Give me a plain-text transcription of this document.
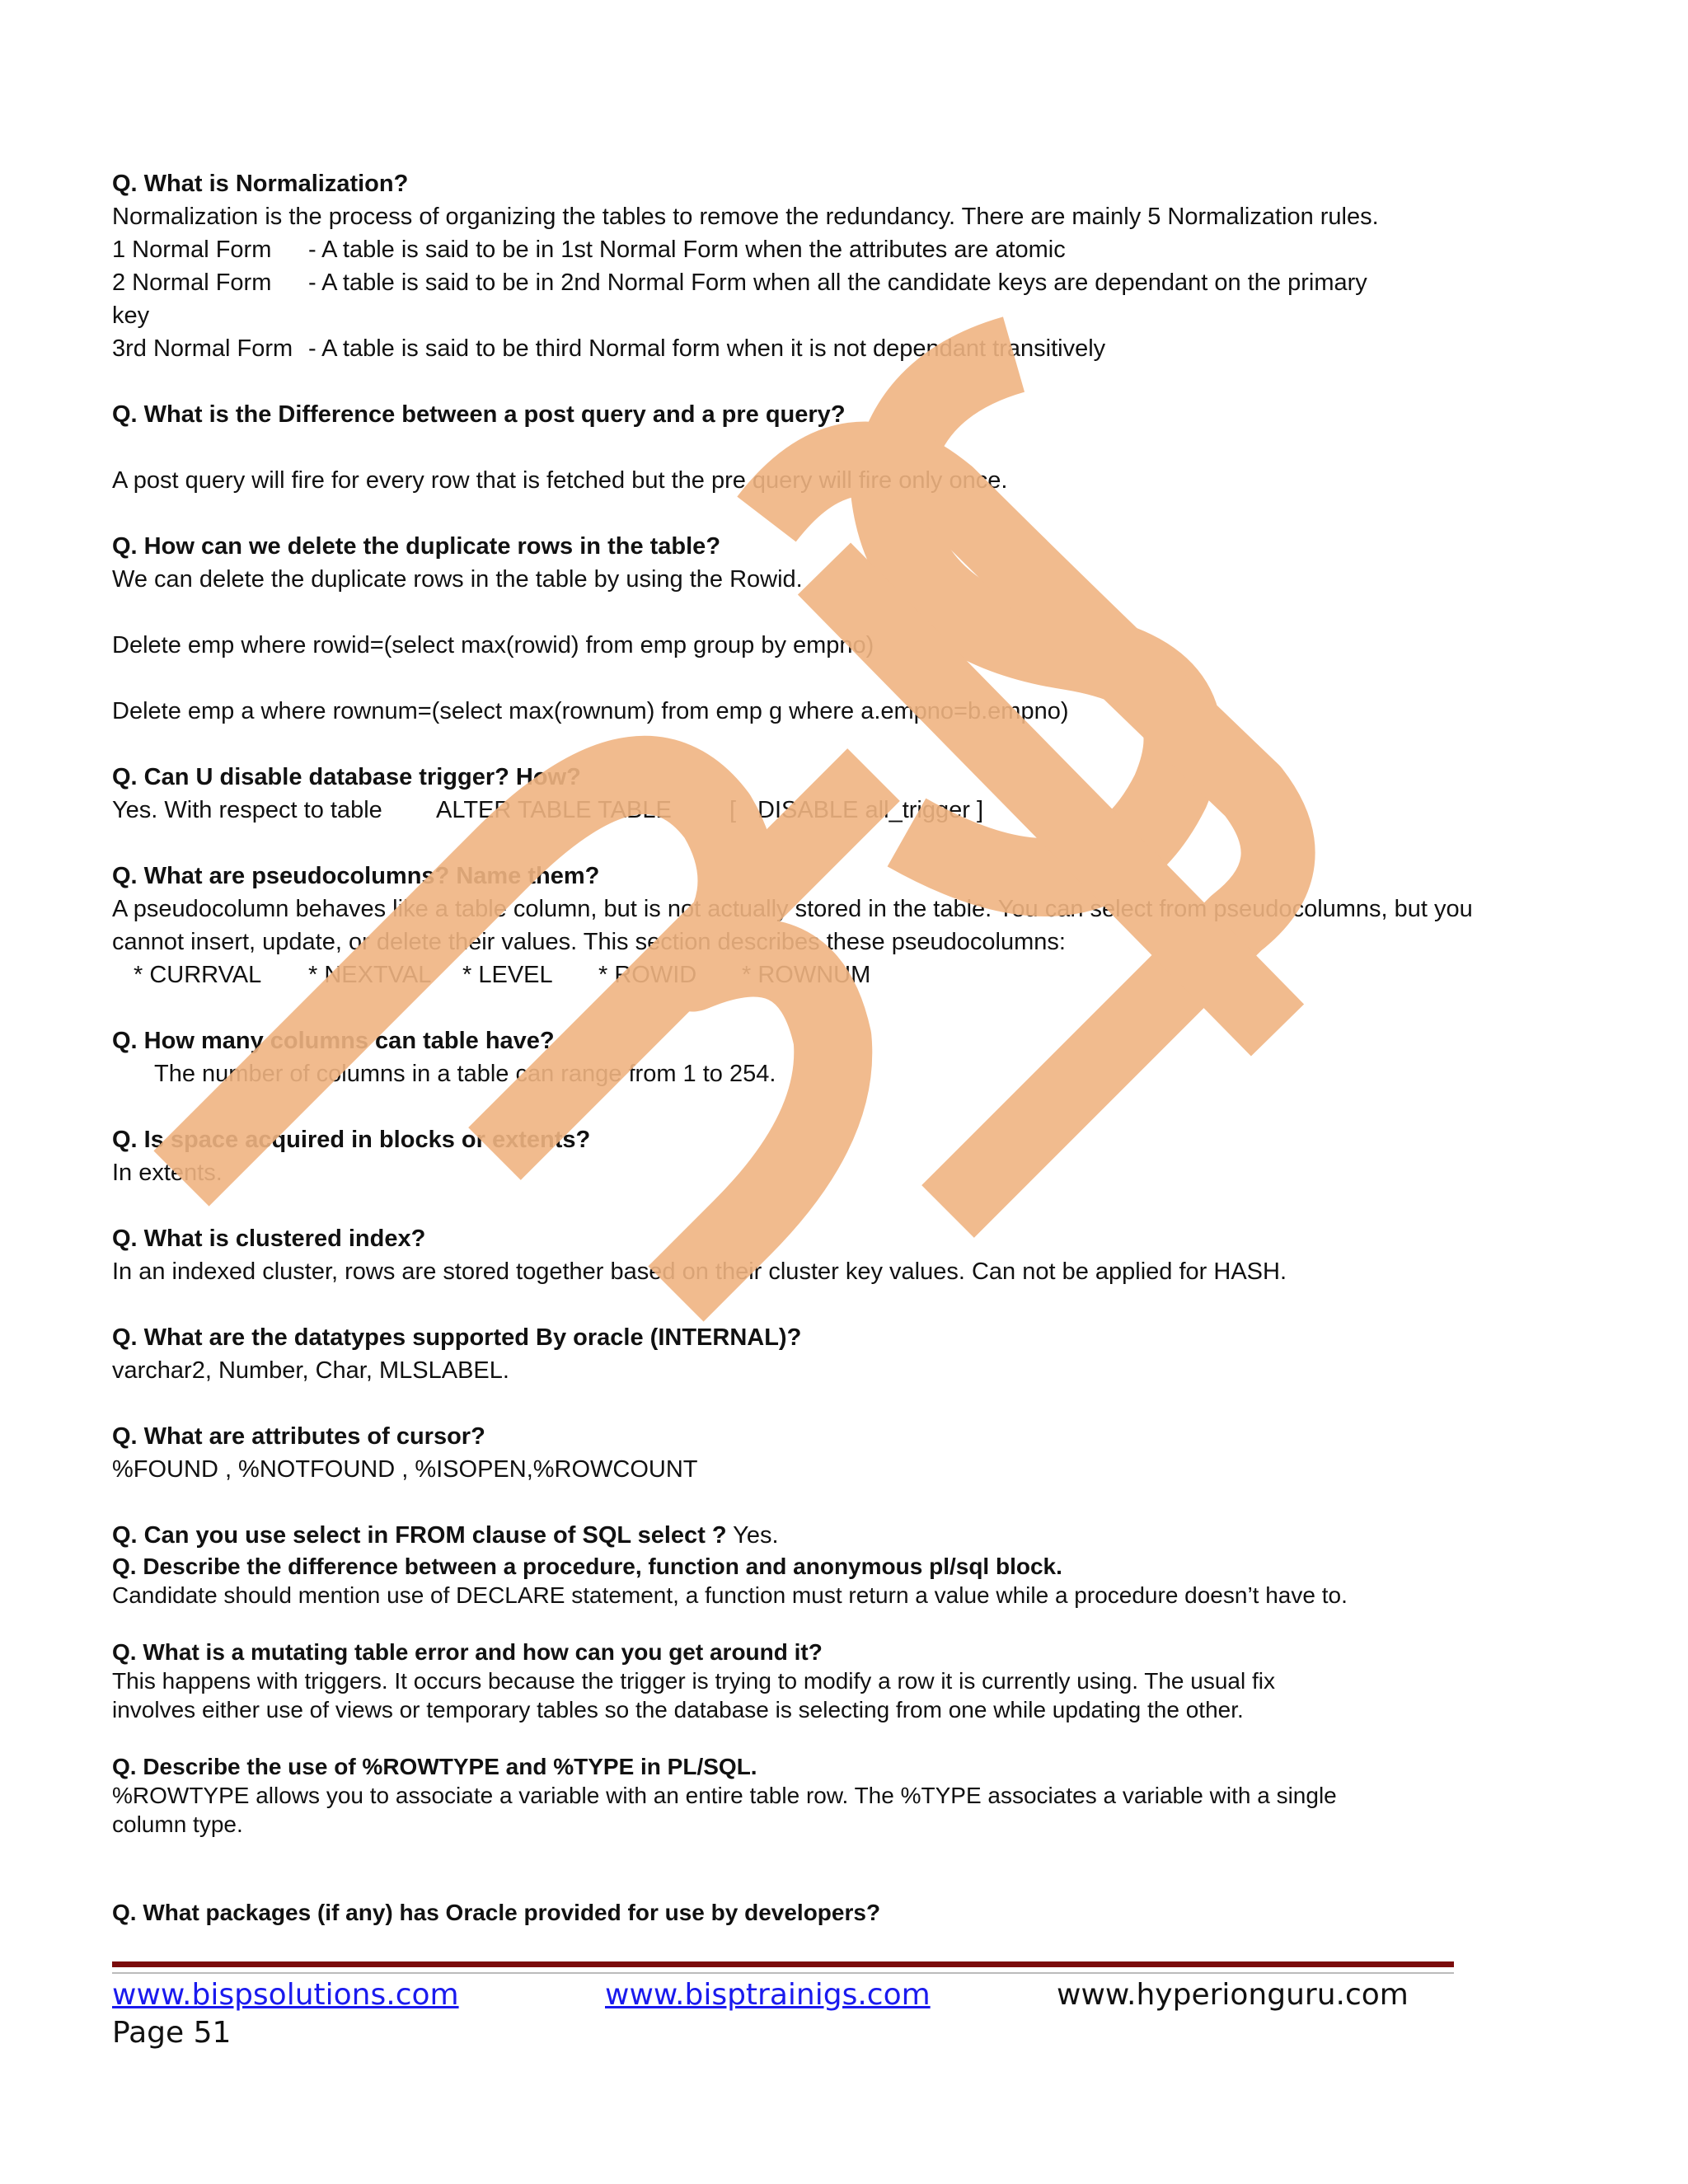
Q. What is Normalization?
Normalization is the process of organizing the tables to remove the redundancy. There are mainly 5 Normalization rules.
1 Normal Form - A table is said to be in 1st Normal Form when the attributes are atomic
2 Normal Form - A table is said to be in 2nd Normal Form when all the candidate keys are dependant on the primary
key
3rd Normal Form - A table is said to be third Normal form when it is not dependant transitively
Q. What is the Difference between a post query and a pre query?
A post query will fire for every row that is fetched but the pre query will fire only once.
Q. How can we delete the duplicate rows in the table?
We can delete the duplicate rows in the table by using the Rowid.
Delete emp where rowid=(select max(rowid) from emp group by empno)
Delete emp a where rownum=(select max(rownum) from emp g where a.empno=b.empno)
Q. Can U disable database trigger? How?
Yes. With respect to table ALTER TABLE TABLE [ DISABLE all_trigger ]
Q. What are pseudocolumns? Name them?
A pseudocolumn behaves like a table column, but is not actually stored in the table. You can select from pseudocolumns, but you
cannot insert, update, or delete their values. This section describes these pseudocolumns:
* CURRVAL * NEXTVAL * LEVEL * ROWID * ROWNUM
Q. How many columns can table have?
The number of columns in a table can range from 1 to 254.
Q. Is space acquired in blocks or extents?
In extents.
Q. What is clustered index?
In an indexed cluster, rows are stored together based on their cluster key values. Can not be applied for HASH.
Q. What are the datatypes supported By oracle (INTERNAL)?
varchar2, Number, Char, MLSLABEL.
Q. What are attributes of cursor?
%FOUND , %NOTFOUND , %ISOPEN,%ROWCOUNT
Q. Can you use select in FROM clause of SQL select ? Yes.
Q. Describe the difference between a procedure, function and anonymous pl/sql block.
Candidate should mention use of DECLARE statement, a function must return a value while a procedure doesn’t have to.
Q. What is a mutating table error and how can you get around it?
This happens with triggers. It occurs because the trigger is trying to modify a row it is currently using. The usual fix
involves either use of views or temporary tables so the database is selecting from one while updating the other.
Q. Describe the use of %ROWTYPE and %TYPE in PL/SQL.
%ROWTYPE allows you to associate a variable with an entire table row. The %TYPE associates a variable with a single
column type.
Q. What packages (if any) has Oracle provided for use by developers?
www.bispsolutions.com	www.bisptrainigs.com	www.hyperionguru.com
Page 51
